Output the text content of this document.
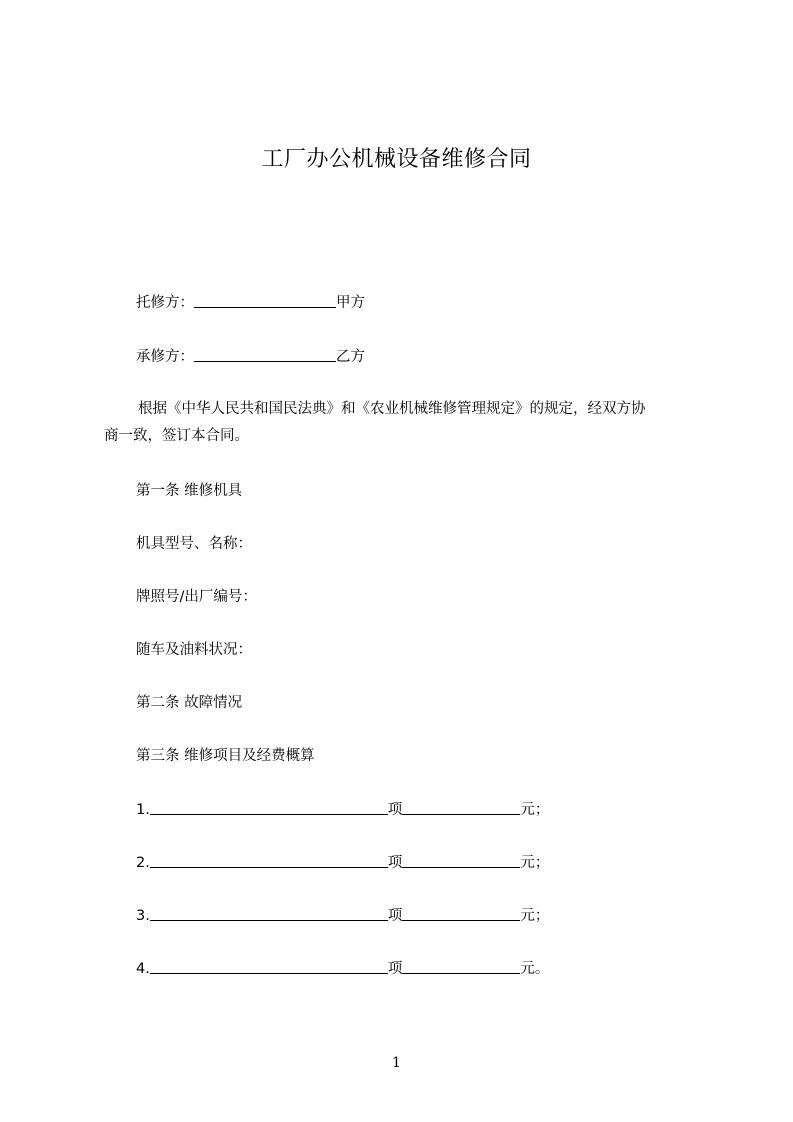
工厂办公机械设备维修合同
托修方：	甲方
承修方：	乙方
根据《中华人民共和国民法典》和《农业机械维修管理规定》的规定，经双方协
商一致，签订本合同。
第一条 维修机具
机具型号、名称：
牌照号/出厂编号：
随车及油料状况：
第二条 故障情况
第三条 维修项目及经费概算
1.	项	元；
2.	项	元；
3.	项	元；
4.	项	元。
1
